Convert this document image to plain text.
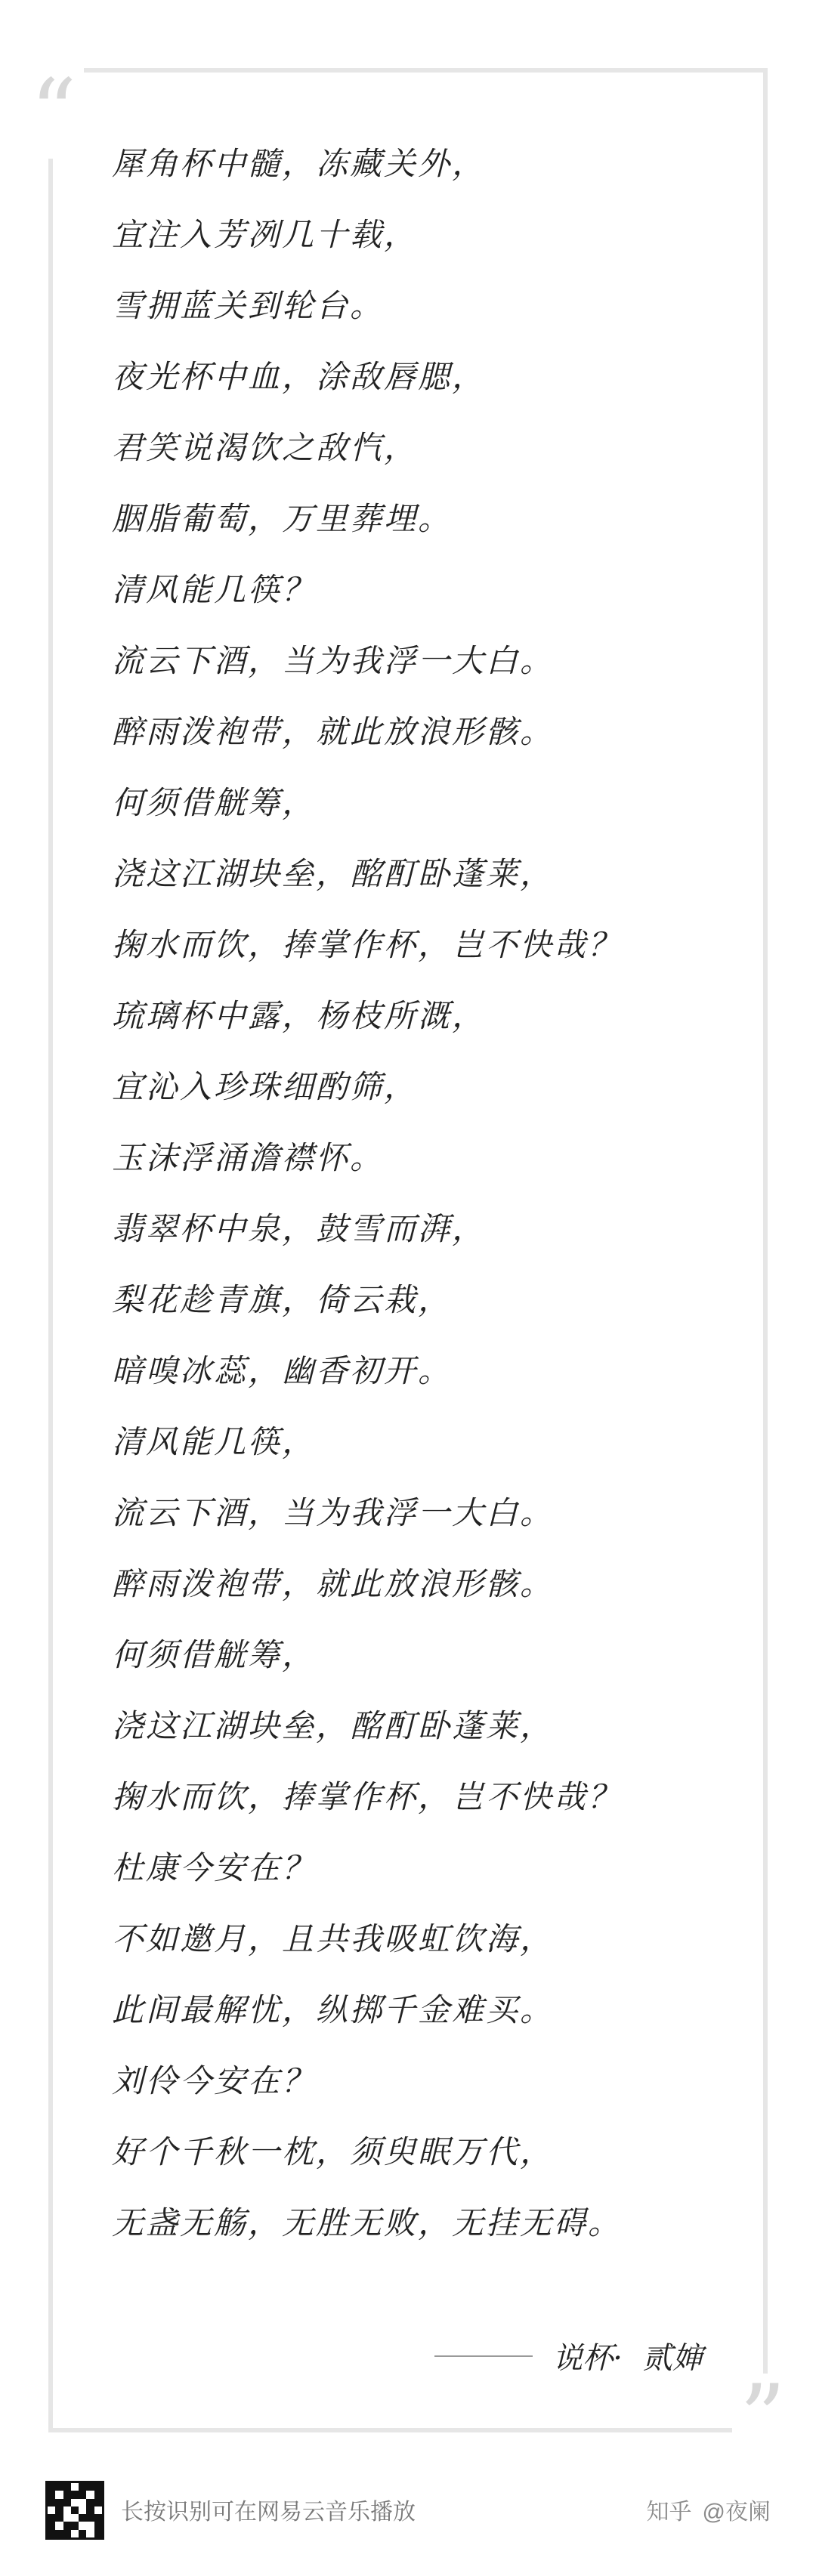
“
”
犀角杯中髓，冻藏关外，
宜注入芳冽几十载，
雪拥蓝关到轮台。
夜光杯中血，涂敌唇腮，
君笑说渴饮之敌忾，
胭脂葡萄，万里葬埋。
清风能几筷？
流云下酒，当为我浮一大白。
醉雨泼袍带，就此放浪形骸。
何须借觥筹，
浇这江湖块垒，酩酊卧蓬莱，
掬水而饮，捧掌作杯，岂不快哉？
琉璃杯中露，杨枝所溉，
宜沁入珍珠细酌筛，
玉沫浮涌澹襟怀。
翡翠杯中泉，鼓雪而湃，
梨花趁青旗，倚云栽，
暗嗅冰蕊，幽香初开。
清风能几筷，
流云下酒，当为我浮一大白。
醉雨泼袍带，就此放浪形骸。
何须借觥筹，
浇这江湖块垒，酩酊卧蓬莱，
掬水而饮，捧掌作杯，岂不快哉？
杜康今安在？
不如邀月，且共我吸虹饮海，
此间最解忧，纵掷千金难买。
刘伶今安在？
好个千秋一枕，须臾眠万代，
无盏无觞，无胜无败，无挂无碍。
说杯· 贰婶
长按识别可在网易云音乐播放	知乎 @夜阑
